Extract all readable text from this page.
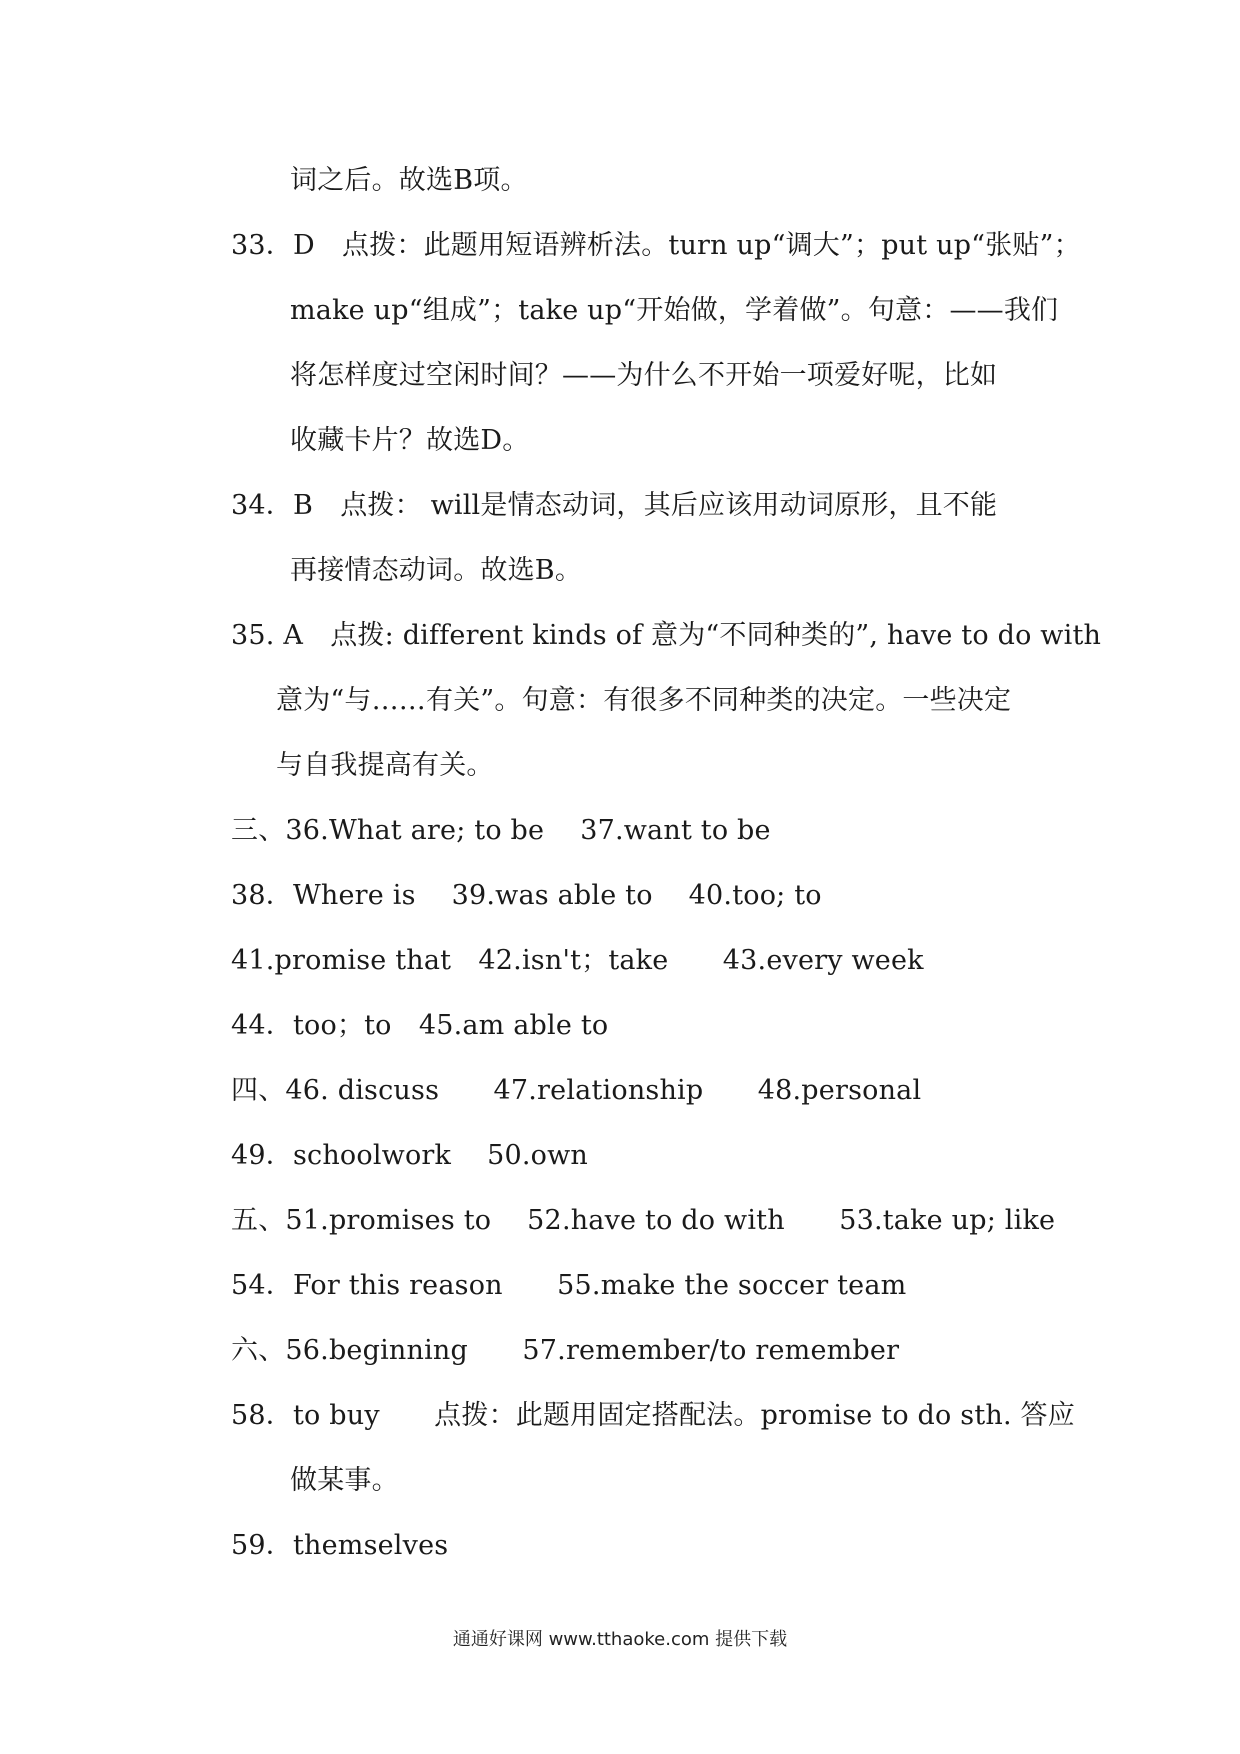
词之后。故选B项。
33．D　点拨：此题用短语辨析法。turn up“调大”；put up“张贴”；
make up“组成”；take up“开始做，学着做”。句意：——我们
将怎样度过空闲时间？——为什么不开始一项爱好呢，比如
收藏卡片？故选D。
34．B　点拨： will是情态动词，其后应该用动词原形，且不能
再接情态动词。故选B。
35. A　点拨: different kinds of 意为“不同种类的”, have to do with
意为“与……有关”。句意：有很多不同种类的决定。一些决定
与自我提高有关。
三、36.What are; to be　 37.want to be
38．Where is　 39.was able to　 40.too; to
41.promise that　42.isn't；take　　43.every week
44．too；to　45.am able to
四、46. discuss　　47.relationship　　48.personal
49．schoolwork　 50.own
五、51.promises to　 52.have to do with　　53.take up; like
54．For this reason　　55.make the soccer team
六、56.beginning　　57.remember/to remember
58．to buy　　点拨：此题用固定搭配法。promise to do sth. 答应
做某事。
59．themselves
通通好课网 www.tthaoke.com 提供下载
